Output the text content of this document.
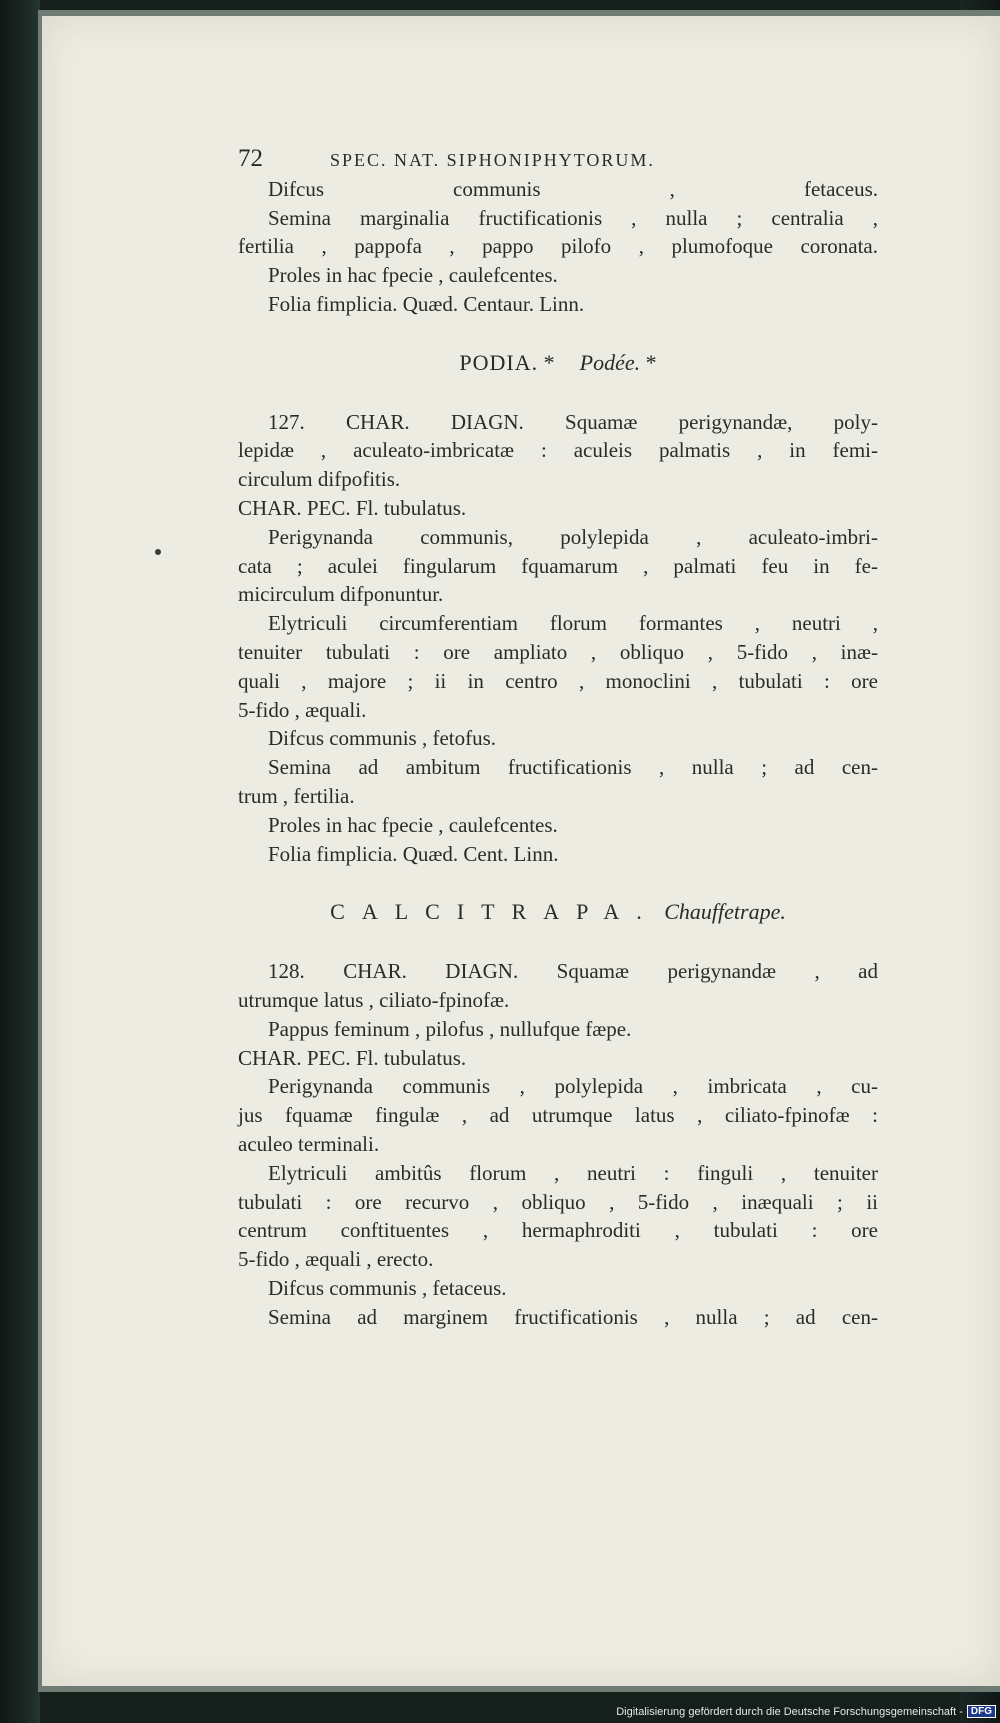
72	SPEC. NAT. SIPHONIPHYTORUM.
Difcus communis , fetaceus.
Semina marginalia fructificationis , nulla ; centralia ,
fertilia , pappofa , pappo pilofo , plumofoque coronata.
Proles in hac fpecie , caulefcentes.
Folia fimplicia. Quæd. Centaur. Linn.
PODIA. * Podée. *
127. CHAR. DIAGN. Squamæ perigynandæ, poly-
lepidæ , aculeato-imbricatæ : aculeis palmatis , in femi-
circulum difpofitis.
CHAR. PEC. Fl. tubulatus.
Perigynanda communis, polylepida , aculeato-imbri-
cata ; aculei fingularum fquamarum , palmati feu in fe-
micirculum difponuntur.
Elytriculi circumferentiam florum formantes , neutri ,
tenuiter tubulati : ore ampliato , obliquo , 5-fido , inæ-
quali , majore ; ii in centro , monoclini , tubulati : ore
5-fido , æquali.
Difcus communis , fetofus.
Semina ad ambitum fructificationis , nulla ; ad cen-
trum , fertilia.
Proles in hac fpecie , caulefcentes.
Folia fimplicia. Quæd. Cent. Linn.
CALCITRAPA. Chauffetrape.
128. CHAR. DIAGN. Squamæ perigynandæ , ad
utrumque latus , ciliato-fpinofæ.
Pappus feminum , pilofus , nullufque fæpe.
CHAR. PEC. Fl. tubulatus.
Perigynanda communis , polylepida , imbricata , cu-
jus fquamæ fingulæ , ad utrumque latus , ciliato-fpinofæ :
aculeo terminali.
Elytriculi ambitûs florum , neutri : finguli , tenuiter
tubulati : ore recurvo , obliquo , 5-fido , inæquali ; ii
centrum conftituentes , hermaphroditi , tubulati : ore
5-fido , æquali , erecto.
Difcus communis , fetaceus.
Semina ad marginem fructificationis , nulla ; ad cen-
Digitalisierung gefördert durch die Deutsche Forschungsgemeinschaft - DFG
